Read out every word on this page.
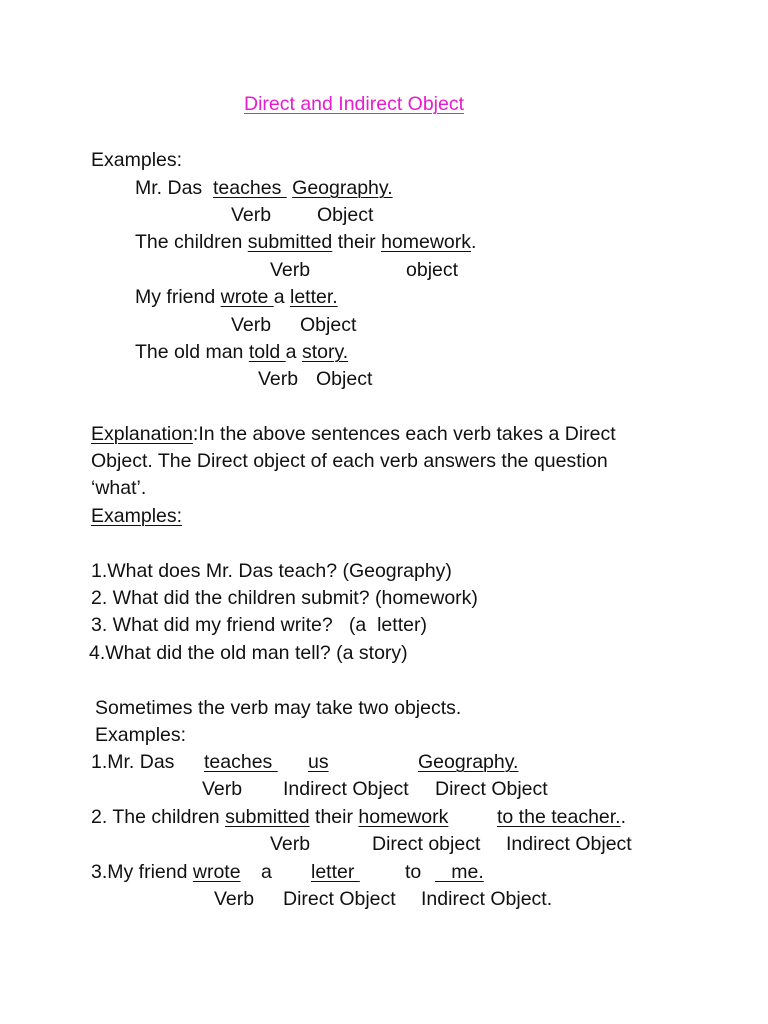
Direct and Indirect Object
Examples:
Mr. Das  teaches  Geography.
Verb Object
The children submitted their homework.
Verb	object
My friend wrote a letter.
Verb Object
The old man told a story.
Verb Object
Explanation:In the above sentences each verb takes a Direct
Object. The Direct object of each verb answers the question
‘what’.
Examples:
1.What does Mr. Das teach? (Geography)
2. What did the children submit? (homework)
3. What did my friend write?   (a  letter)
4.What did the old man tell? (a story)
Sometimes the verb may take two objects.
Examples:
1.Mr. Das teaches us	Geography.
Verb Indirect Object Direct Object
2. The children submitted their homework to the teacher..
Verb	Direct object Indirect Object
3.My friend wrote a letter to me.
Verb Direct Object Indirect Object.
